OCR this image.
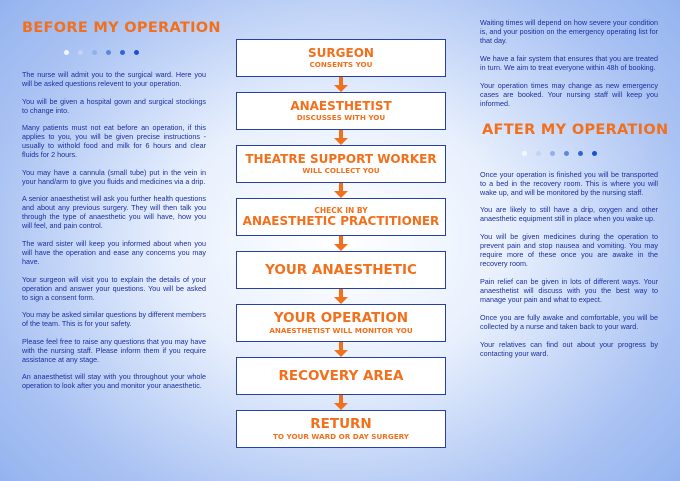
BEFORE MY OPERATION

The nurse will admit you to the surgical ward. Here you will be asked questions relevent to your operation.

You will be given a hospital gown and surgical stockings to change into.

Many patients must not eat before an operation, if this applies to you, you will be given precise instructions - usually to withold food and milk for 6 hours and clear fluids for 2 hours.

You may have a cannula (small tube) put in the vein in your hand/arm to give you fluids and medicines via a drip.

A senior anaesthetist will ask you further health questions and about any previous surgery. They will then talk you through the type of anaesthetic you will have, how you will feel, and pain control.

The ward sister will keep you informed about when you will have the operation and ease any concerns you may have.

Your surgeon will visit you to explain the details of your operation and answer your questions. You will be asked to sign a consent form.

You may be asked similar questions by different members of the team. This is for your safety.

Please feel free to raise any questions that you may have with the nursing staff. Please inform them if you require assistance at any stage.

An anaesthetist will stay with you throughout your whole operation to look after you and monitor your anaesthetic.

SURGEON
CONSENTS YOU
ANAESTHETIST
DISCUSSES WITH YOU
THEATRE SUPPORT WORKER
WILL COLLECT YOU
CHECK IN BY
ANAESTHETIC PRACTITIONER
YOUR ANAESTHETIC
YOUR OPERATION
ANAESTHETIST WILL MONITOR YOU
RECOVERY AREA
RETURN
TO YOUR WARD OR DAY SURGERY

Waiting times will depend on how severe your condition is, and your position on the emergency operating list for that day.

We have a fair system that ensures that you are treated in turn. We aim to treat everyone within 48h of booking.

Your operation times may change as new emergency cases are booked. Your nursing staff will keep you informed.

AFTER MY OPERATION

Once your operation is finished you will be transported to a bed in the recovery room. This is where you will wake up, and will be monitored by the nursing staff.

You are likely to still have a drip, oxygen and other anaesthetic equipment still in place when you wake up.

You will be given medicines during the operation to prevent pain and stop nausea and vomiting. You may require more of these once you are awake in the recovery room.

Pain relief can be given in lots of different ways. Your anaesthetist will discuss with you the best way to manage your pain and what to expect.

Once you are fully awake and comfortable, you will be collected by a nurse and taken back to your ward.

Your relatives can find out about your progress by contacting your ward.
